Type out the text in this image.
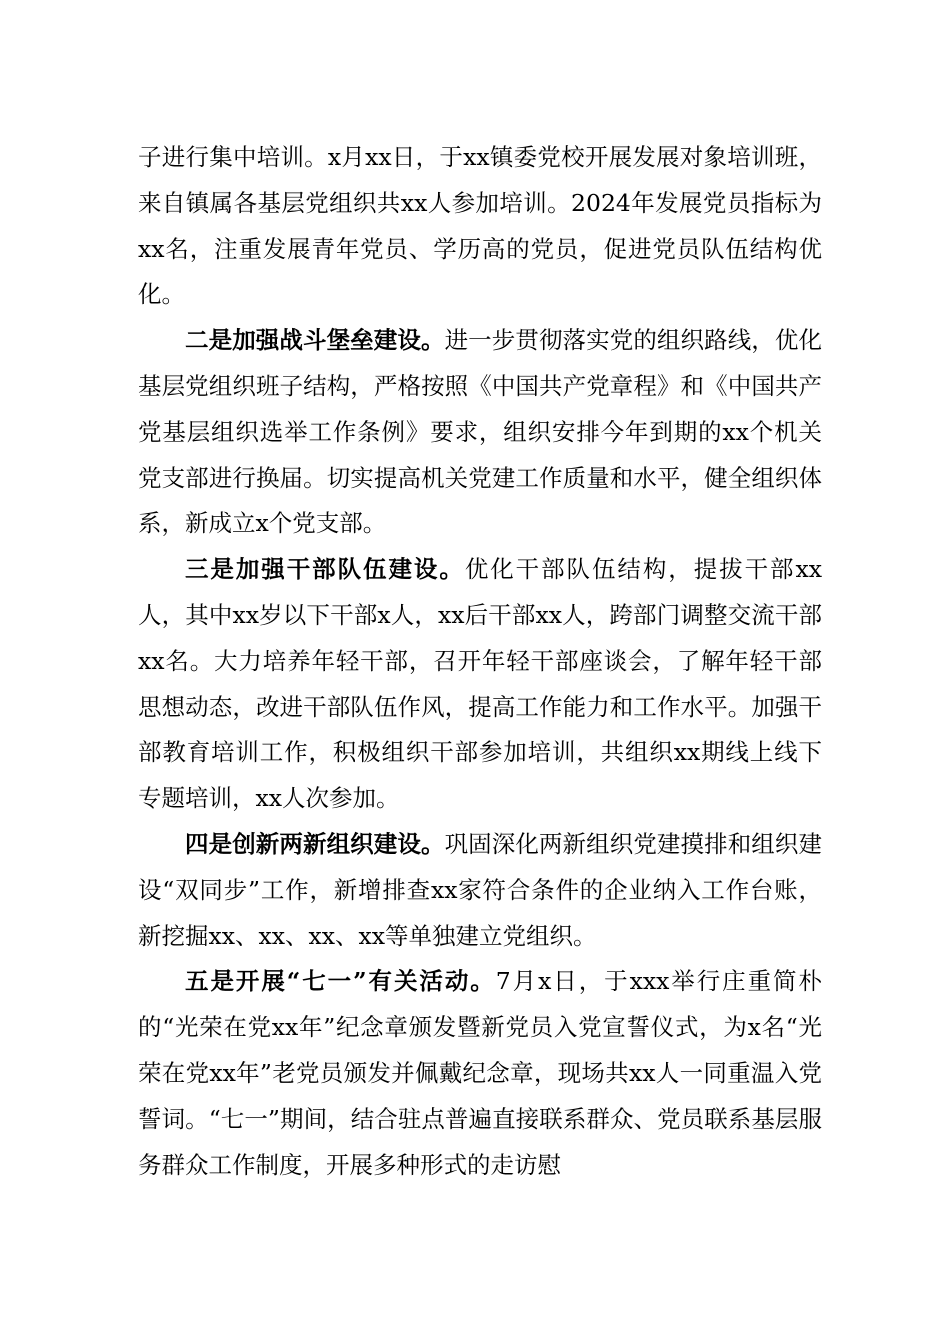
子进行集中培训。x月xx日，于xx镇委党校开展发展对象培训班，来自镇属各基层党组织共xx人参加培训。2024年发展党员指标为xx名，注重发展青年党员、学历高的党员，促进党员队伍结构优化。

二是加强战斗堡垒建设。进一步贯彻落实党的组织路线，优化基层党组织班子结构，严格按照《中国共产党章程》和《中国共产党基层组织选举工作条例》要求，组织安排今年到期的xx个机关党支部进行换届。切实提高机关党建工作质量和水平，健全组织体系，新成立x个党支部。

三是加强干部队伍建设。优化干部队伍结构，提拔干部xx人，其中xx岁以下干部x人，xx后干部xx人，跨部门调整交流干部xx名。大力培养年轻干部，召开年轻干部座谈会，了解年轻干部思想动态，改进干部队伍作风，提高工作能力和工作水平。加强干部教育培训工作，积极组织干部参加培训，共组织xx期线上线下专题培训，xx人次参加。

四是创新两新组织建设。巩固深化两新组织党建摸排和组织建设“双同步”工作，新增排查xx家符合条件的企业纳入工作台账，新挖掘xx、xx、xx、xx等单独建立党组织。

五是开展“七一”有关活动。7月x日，于xxx举行庄重简朴的“光荣在党xx年”纪念章颁发暨新党员入党宣誓仪式，为x名“光荣在党xx年”老党员颁发并佩戴纪念章，现场共xx人一同重温入党誓词。“七一”期间，结合驻点普遍直接联系群众、党员联系基层服务群众工作制度，开展多种形式的走访慰
